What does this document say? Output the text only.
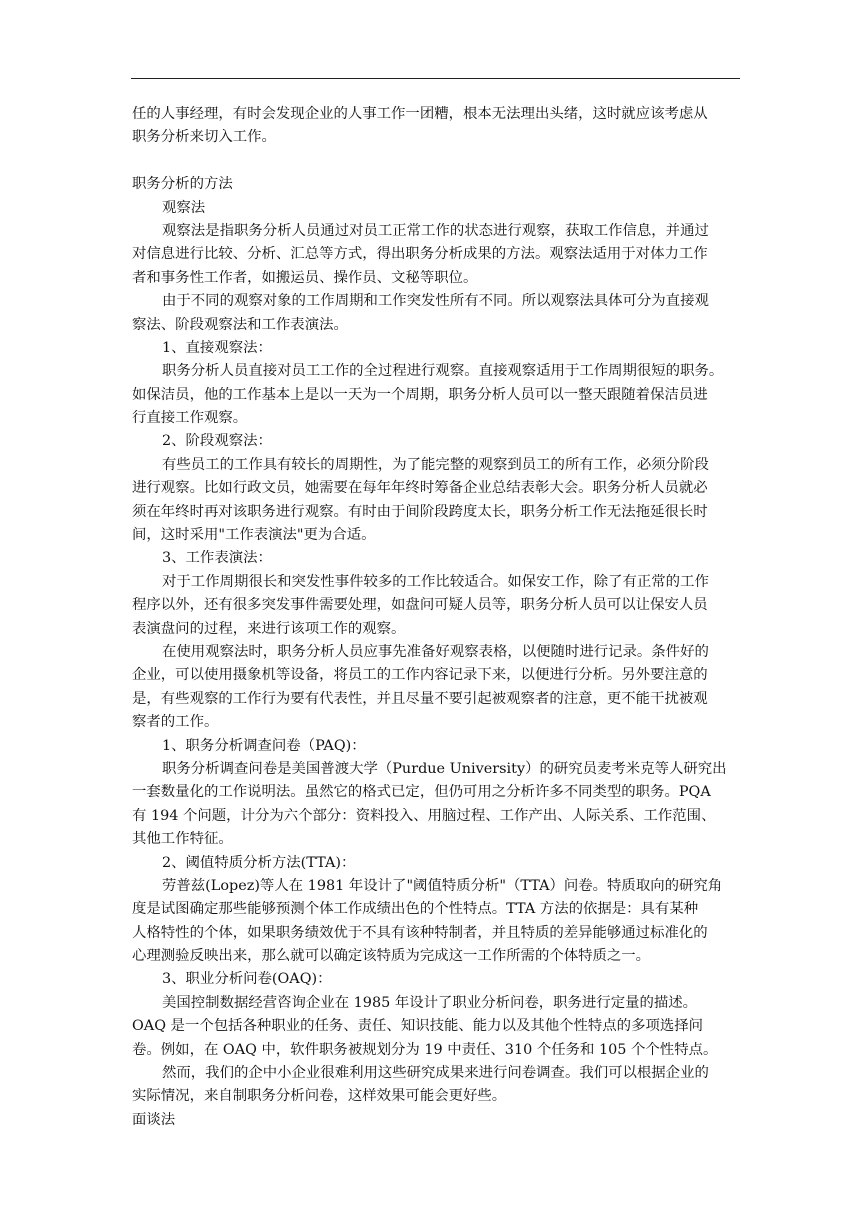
任的人事经理，有时会发现企业的人事工作一团糟，根本无法理出头绪，这时就应该考虑从
职务分析来切入工作。
职务分析的方法
观察法
观察法是指职务分析人员通过对员工正常工作的状态进行观察，获取工作信息，并通过
对信息进行比较、分析、汇总等方式，得出职务分析成果的方法。观察法适用于对体力工作
者和事务性工作者，如搬运员、操作员、文秘等职位。
由于不同的观察对象的工作周期和工作突发性所有不同。所以观察法具体可分为直接观
察法、阶段观察法和工作表演法。
1、直接观察法：
职务分析人员直接对员工工作的全过程进行观察。直接观察适用于工作周期很短的职务。
如保洁员，他的工作基本上是以一天为一个周期，职务分析人员可以一整天跟随着保洁员进
行直接工作观察。
2、阶段观察法：
有些员工的工作具有较长的周期性，为了能完整的观察到员工的所有工作，必须分阶段
进行观察。比如行政文员，她需要在每年年终时筹备企业总结表彰大会。职务分析人员就必
须在年终时再对该职务进行观察。有时由于间阶段跨度太长，职务分析工作无法拖延很长时
间，这时采用"工作表演法"更为合适。
3、工作表演法：
对于工作周期很长和突发性事件较多的工作比较适合。如保安工作，除了有正常的工作
程序以外，还有很多突发事件需要处理，如盘问可疑人员等，职务分析人员可以让保安人员
表演盘问的过程，来进行该项工作的观察。
在使用观察法时，职务分析人员应事先准备好观察表格，以便随时进行记录。条件好的
企业，可以使用摄象机等设备，将员工的工作内容记录下来，以便进行分析。另外要注意的
是，有些观察的工作行为要有代表性，并且尽量不要引起被观察者的注意，更不能干扰被观
察者的工作。
1、职务分析调查问卷（PAQ)：
职务分析调查问卷是美国普渡大学（Purdue University）的研究员麦考米克等人研究出
一套数量化的工作说明法。虽然它的格式已定，但仍可用之分析许多不同类型的职务。PQA
有 194 个问题，计分为六个部分：资料投入、用脑过程、工作产出、人际关系、工作范围、
其他工作特征。
2、阈值特质分析方法(TTA)：
劳普兹(Lopez)等人在 1981 年设计了"阈值特质分析"（TTA）问卷。特质取向的研究角
度是试图确定那些能够预测个体工作成绩出色的个性特点。TTA 方法的依据是：具有某种
人格特性的个体，如果职务绩效优于不具有该种特制者，并且特质的差异能够通过标准化的
心理测验反映出来，那么就可以确定该特质为完成这一工作所需的个体特质之一。
3、职业分析问卷(OAQ)：
美国控制数据经营咨询企业在 1985 年设计了职业分析问卷，职务进行定量的描述。
OAQ 是一个包括各种职业的任务、责任、知识技能、能力以及其他个性特点的多项选择问
卷。例如，在 OAQ 中，软件职务被规划分为 19 中责任、310 个任务和 105 个个性特点。
然而，我们的企中小企业很难利用这些研究成果来进行问卷调查。我们可以根据企业的
实际情况，来自制职务分析问卷，这样效果可能会更好些。
面谈法
